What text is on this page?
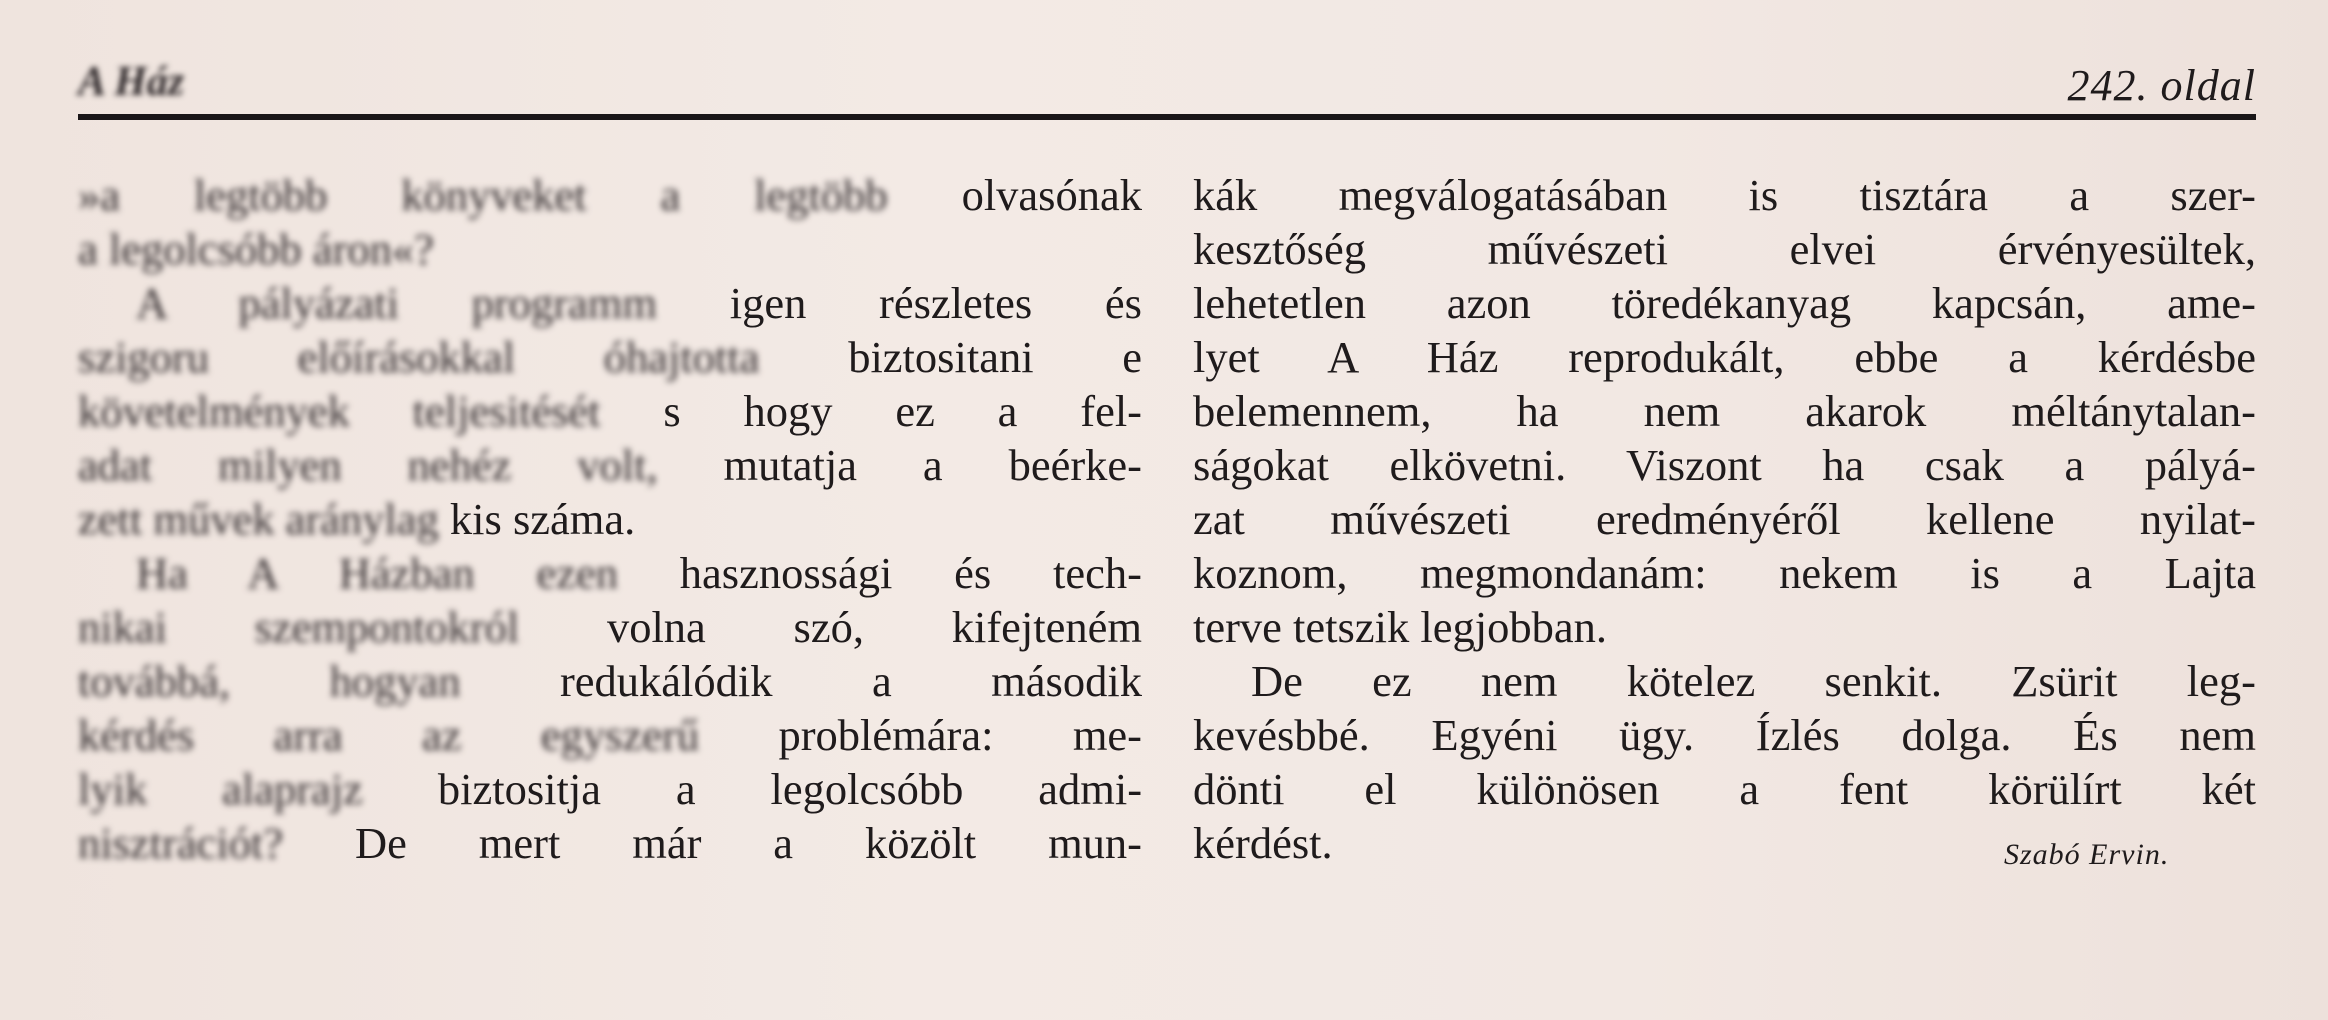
A Ház	242. oldal
»a legtöbb könyveket a legtöbb olvasónak
a legolcsóbb áron«?
A pályázati programm igen részletes és
szigoru előírásokkal óhajtotta biztositani e
követelmények teljesitését s hogy ez a fel-
adat milyen nehéz volt, mutatja a beérke-
zett művek aránylag kis száma.
Ha A Házban ezen hasznossági és tech-
nikai szempontokról volna szó, kifejteném
továbbá, hogyan redukálódik a második
kérdés arra az egyszerű problémára: me-
lyik alaprajz biztositja a legolcsóbb admi-
nisztrációt? De mert már a közölt mun-
kák megválogatásában is tisztára a szer-
kesztőség művészeti elvei érvényesültek,
lehetetlen azon töredékanyag kapcsán, ame-
lyet A Ház reprodukált, ebbe a kérdésbe
belemennem, ha nem akarok méltánytalan-
ságokat elkövetni. Viszont ha csak a pályá-
zat művészeti eredményéről kellene nyilat-
koznom, megmondanám: nekem is a Lajta
terve tetszik legjobban.
De ez nem kötelez senkit. Zsürit leg-
kevésbbé. Egyéni ügy. Ízlés dolga. És nem
dönti el különösen a fent körülírt két
kérdést.	Szabó Ervin.
